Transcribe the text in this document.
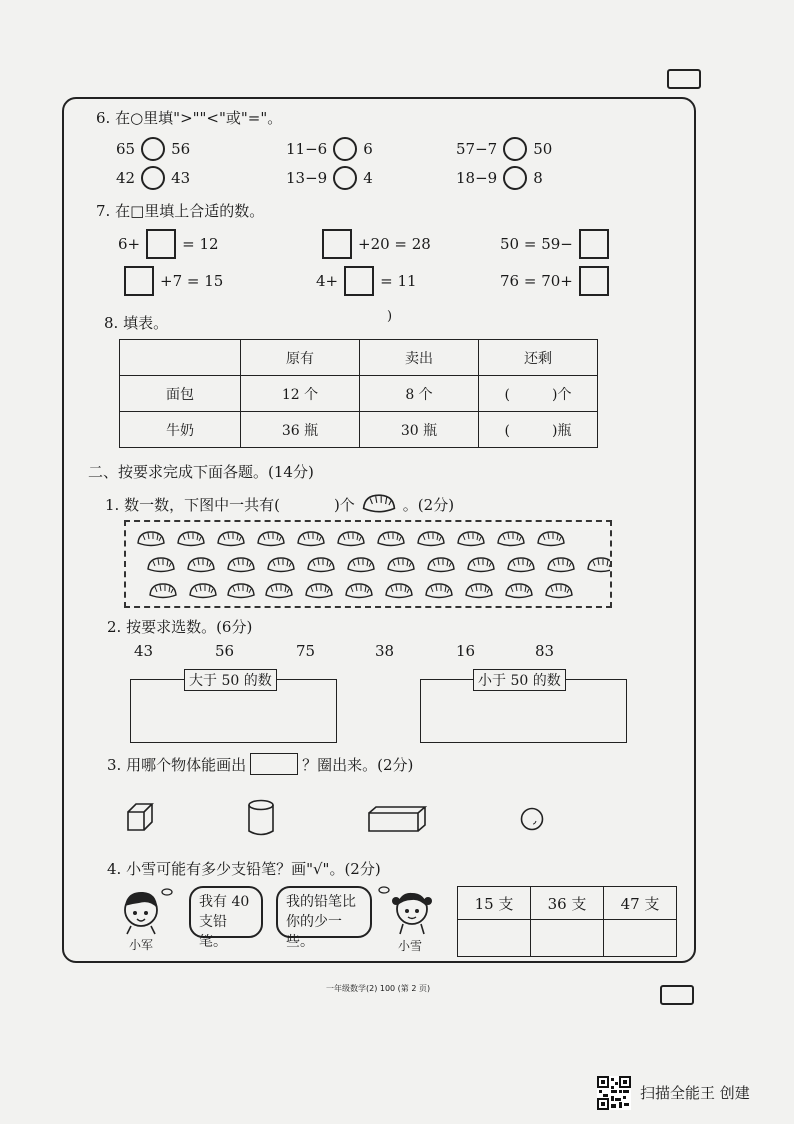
6. 在○里填">""<"或"="。
65 56	11−6 6	57−7 50
42 43	13−9 4	18−9 8
7. 在□里填上合适的数。
6+	= 12	+20 = 28	50 = 59−
+7 = 15	4+	= 11	76 = 70+
8. 填表。	)
	原有	卖出	还剩
面包	12 个	8 个	(　　　)个
牛奶	36 瓶	30 瓶	(　　　)瓶
二、按要求完成下面各题。(14分)
1. 数一数，下图中一共有(	)个	。(2分)
2. 按要求选数。(6分)
43	56	75	38	16	83
大于 50 的数	小于 50 的数
3. 用哪个物体能画出	？圈出来。(2分)
4. 小雪可能有多少支铅笔？画"√"。(2分)
小军
我有 40
支铅笔。
我的铅笔比
你的少一些。	小雪
15 支	36 支	47 支

一年级数学(2) 100 (第 2 页)
扫描全能王 创建
